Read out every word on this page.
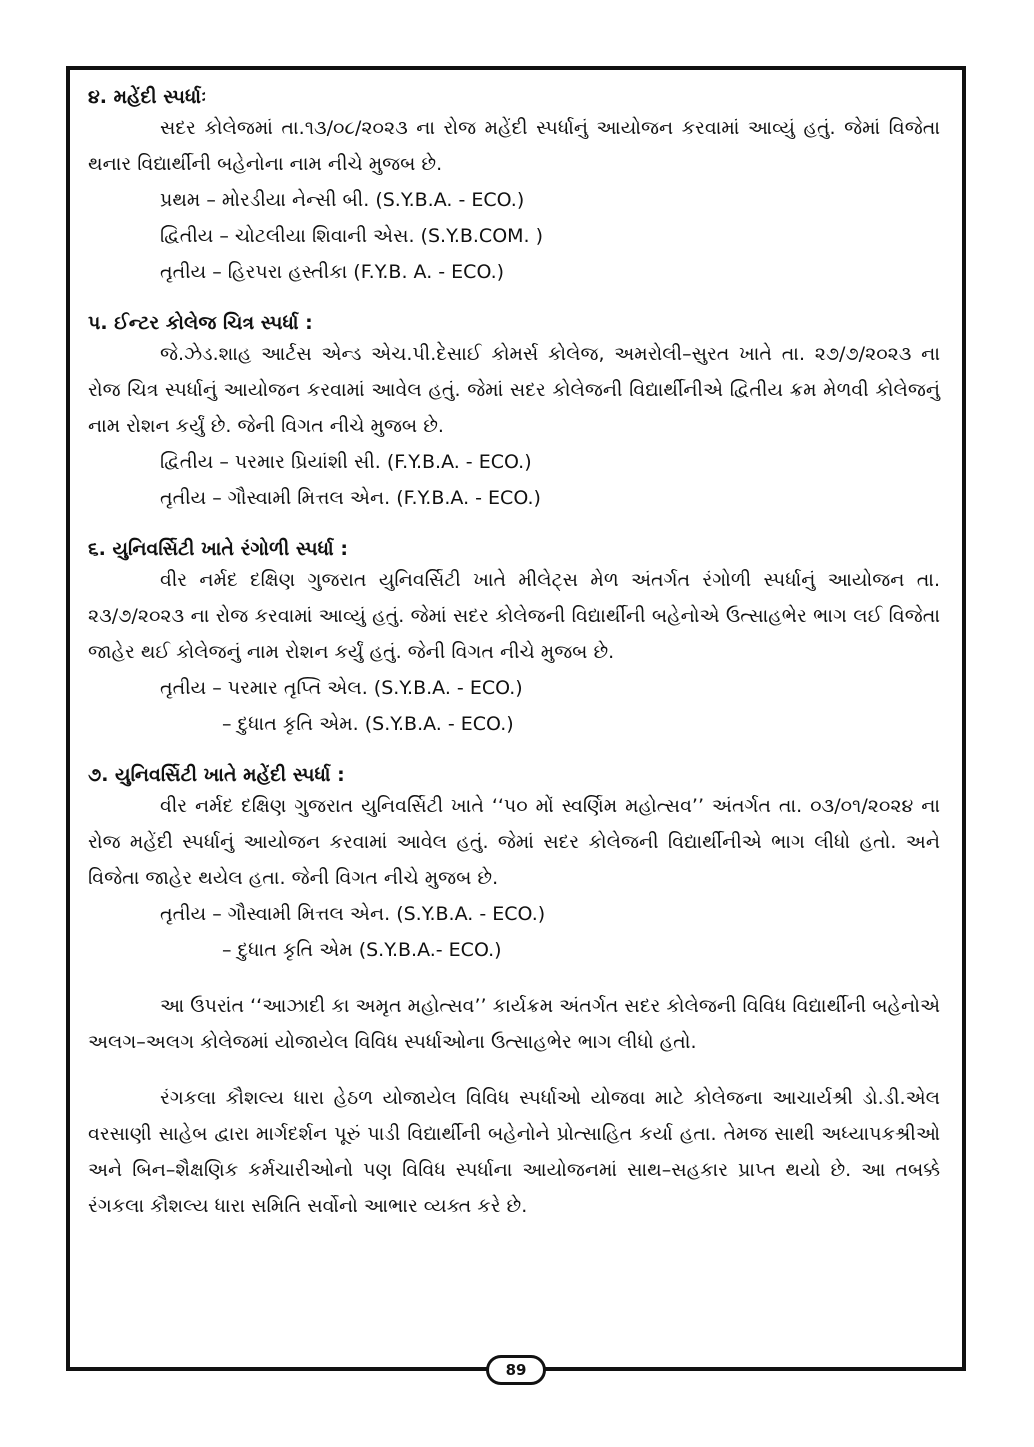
૪. મહેંદી સ્પર્ધાઃ

સદર કોલેજમાં તા.૧૩/૦૮/૨૦૨૩ ના રોજ મહેંદી સ્પર્ધાનું આયોજન કરવામાં આવ્યું હતું. જેમાં વિજેતા થનાર વિદ્યાર્થીની બહેનોના નામ નીચે મુજબ છે.

પ્રથમ – મોરડીયા નેન્સી બી. (S.Y.B.A. - ECO.)

દ્વિતીય – ચોટલીયા શિવાની એસ. (S.Y.B.COM. )

તૃતીય – હિરપરા હસ્તીકા (F.Y.B. A. - ECO.)

પ. ઈન્ટર કોલેજ ચિત્ર સ્પર્ધા :

જે.ઝેડ.શાહ આર્ટસ એન્ડ એચ.પી.દેસાઈ કોમર્સ કોલેજ, અમરોલી–સુરત ખાતે તા. ૨૭/૭/૨૦૨૩ ના રોજ ચિત્ર સ્પર્ધાનું આયોજન કરવામાં આવેલ હતું. જેમાં સદર કોલેજની વિદ્યાર્થીનીએ દ્વિતીય ક્રમ મેળવી કોલેજનું નામ રોશન કર્યું છે. જેની વિગત નીચે મુજબ છે.

દ્વિતીય – પરમાર પ્રિયાંશી સી. (F.Y.B.A. - ECO.)

તૃતીય – ગૌસ્વામી મિત્તલ એન. (F.Y.B.A. - ECO.)

૬. યુનિવર્સિટી ખાતે રંગોળી સ્પર્ધા :

વીર નર્મદ દક્ષિણ ગુજરાત યુનિવર્સિટી ખાતે મીલેટ્સ મેળ અંતર્ગત રંગોળી સ્પર્ધાનું આયોજન તા. ૨૩/૭/૨૦૨૩ ના રોજ કરવામાં આવ્યું હતું. જેમાં સદર કોલેજની વિદ્યાર્થીની બહેનોએ ઉત્સાહભેર ભાગ લઈ વિજેતા જાહેર થઈ કોલેજનું નામ રોશન કર્યું હતું. જેની વિગત નીચે મુજબ છે.

તૃતીય – પરમાર તૃપ્તિ એલ. (S.Y.B.A. - ECO.)

– દુધાત કૃતિ એમ. (S.Y.B.A. - ECO.)

૭. યુનિવર્સિટી ખાતે મહેંદી સ્પર્ધા :

વીર નર્મદ દક્ષિણ ગુજરાત યુનિવર્સિટી ખાતે ‘‘પ૦ મોં સ્વર્ણિમ મહોત્સવ’’ અંતર્ગત તા. ૦૩/૦૧/૨૦૨૪ ના રોજ મહેંદી સ્પર્ધાનું આયોજન કરવામાં આવેલ હતું. જેમાં સદર કોલેજની વિદ્યાર્થીનીએ ભાગ લીધો હતો. અને વિજેતા જાહેર થયેલ હતા. જેની વિગત નીચે મુજબ છે.

તૃતીય – ગૌસ્વામી મિત્તલ એન. (S.Y.B.A. - ECO.)

– દુધાત કૃતિ એમ (S.Y.B.A.- ECO.)

આ ઉપરાંત ‘‘આઝાદી કા અમૃત મહોત્સવ’’ કાર્યક્રમ અંતર્ગત સદર કોલેજની વિવિધ વિદ્યાર્થીની બહેનોએ અલગ–અલગ કોલેજમાં યોજાયેલ વિવિધ સ્પર્ધાઓના ઉત્સાહભેર ભાગ લીધો હતો.

રંગકલા કૌશલ્ય ધારા હેઠળ યોજાયેલ વિવિધ સ્પર્ધાઓ યોજવા માટે કોલેજના આચાર્યશ્રી ડો.ડી.એલ વરસાણી સાહેબ દ્વારા માર્ગદર્શન પૂરું પાડી વિદ્યાર્થીની બહેનોને પ્રોત્સાહિત કર્યા હતા. તેમજ સાથી અધ્યાપકશ્રીઓ અને બિન–શૈક્ષણિક કર્મચારીઓનો પણ વિવિધ સ્પર્ધાના આયોજનમાં સાથ–સહકાર પ્રાપ્ત થયો છે. આ તબક્કે રંગકલા કૌશલ્ય ધારા સમિતિ સર્વોનો આભાર વ્યક્ત કરે છે.

89
